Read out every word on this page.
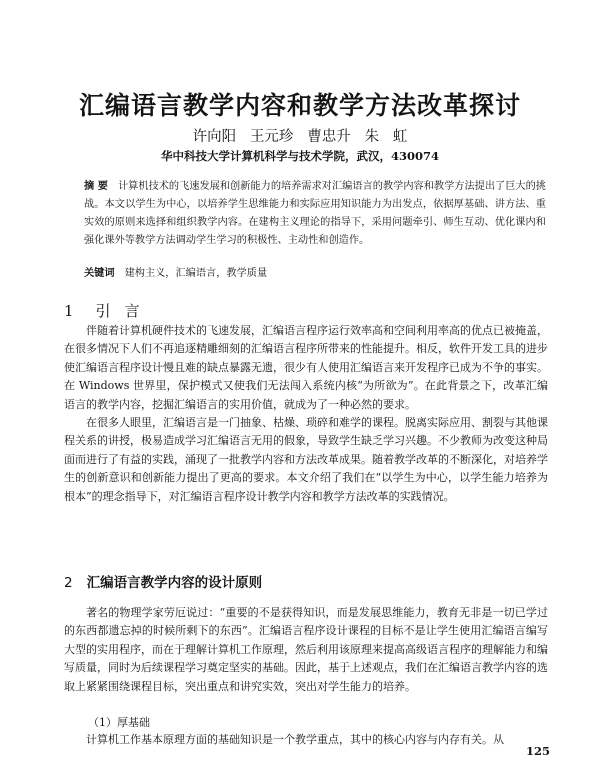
汇编语言教学内容和教学方法改革探讨
许向阳   王元珍   曹忠升   朱   虹
华中科技大学计算机科学与技术学院，武汉，430074
摘 要 计算机技术的飞速发展和创新能力的培养需求对汇编语言的教学内容和教学方法提出了巨大的挑战。本文以学生为中心，以培养学生思维能力和实际应用知识能力为出发点，依据厚基础、讲方法、重实效的原则来选择和组织教学内容。在建构主义理论的指导下，采用问题牵引、师生互动、优化课内和强化课外等教学方法调动学生学习的积极性、主动性和创造作。
关键词 建构主义，汇编语言，教学质量
1 引言

伴随着计算机硬件技术的飞速发展，汇编语言程序运行效率高和空间利用率高的优点已被掩盖，在很多情况下人们不再追逐精雕细刻的汇编语言程序所带来的性能提升。相反，软件开发工具的进步使汇编语言程序设计慢且难的缺点暴露无遗，很少有人使用汇编语言来开发程序已成为不争的事实。在 Windows 世界里，保护模式又使我们无法闯入系统内核“为所欲为”。在此背景之下，改革汇编语言的教学内容，挖掘汇编语言的实用价值，就成为了一种必然的要求。

在很多人眼里，汇编语言是一门抽象、枯燥、琐碎和难学的课程。脱离实际应用、割裂与其他课程关系的讲授，极易造成学习汇编语言无用的假象，导致学生缺乏学习兴趣。不少教师为改变这种局面而进行了有益的实践，涌现了一批教学内容和方法改革成果。随着教学改革的不断深化，对培养学生的创新意识和创新能力提出了更高的要求。本文介绍了我们在“以学生为中心，以学生能力培养为根本”的理念指导下，对汇编语言程序设计教学内容和教学方法改革的实践情况。

2 汇编语言教学内容的设计原则

著名的物理学家劳厄说过：“重要的不是获得知识，而是发展思维能力，教育无非是一切已学过的东西都遗忘掉的时候所剩下的东西”。汇编语言程序设计课程的目标不是让学生使用汇编语言编写大型的实用程序，而在于理解计算机工作原理，然后利用该原理来提高高级语言程序的理解能力和编写质量，同时为后续课程学习奠定坚实的基础。因此，基于上述观点，我们在汇编语言教学内容的选取上紧紧围绕课程目标，突出重点和讲究实效，突出对学生能力的培养。

（1）厚基础
计算机工作基本原理方面的基础知识是一个教学重点，其中的核心内容与内存有关。从
125
